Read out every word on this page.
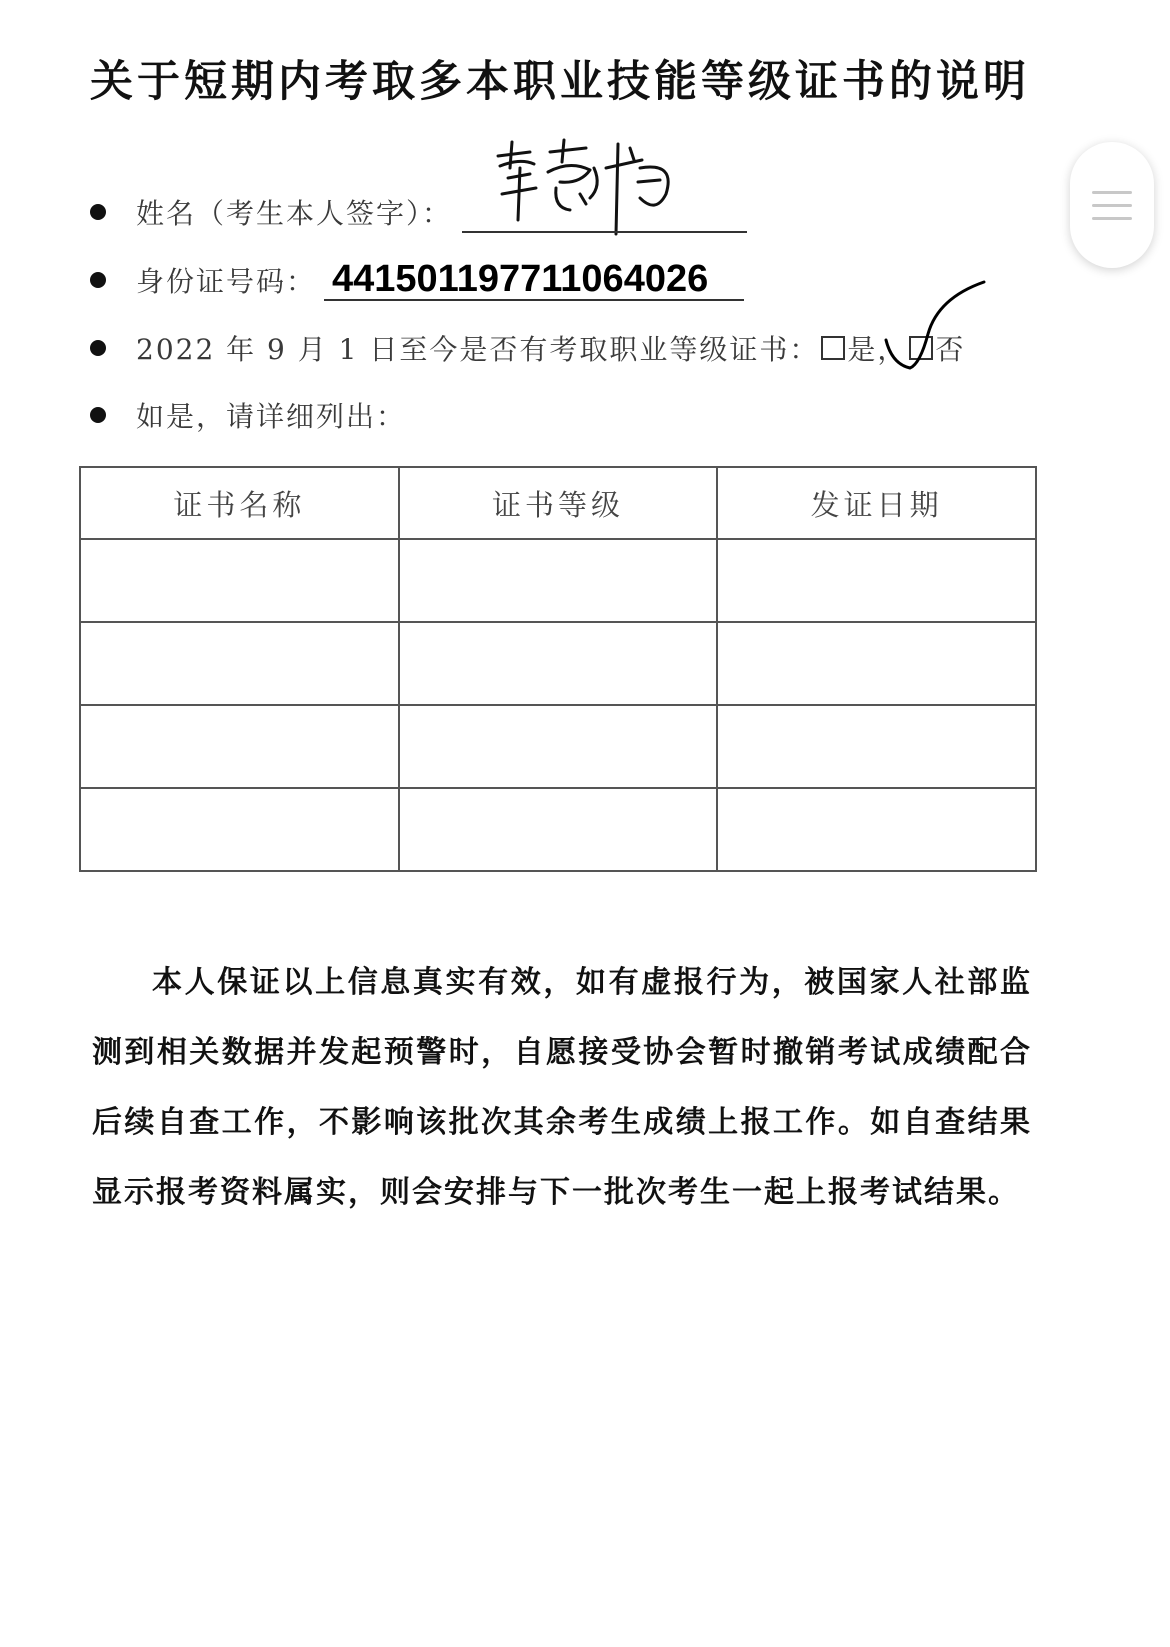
关于短期内考取多本职业技能等级证书的说明
姓名（考生本人签字）：
身份证号码： 441501197711064026
2022 年 9 月 1 日至今是否有考取职业等级证书： 是， 否
如是，请详细列出：
证书名称	证书等级	发证日期

本人保证以上信息真实有效，如有虚报行为，被国家人社部监测到相关数据并发起预警时，自愿接受协会暂时撤销考试成绩配合后续自查工作，不影响该批次其余考生成绩上报工作。如自查结果显示报考资料属实，则会安排与下一批次考生一起上报考试结果。
